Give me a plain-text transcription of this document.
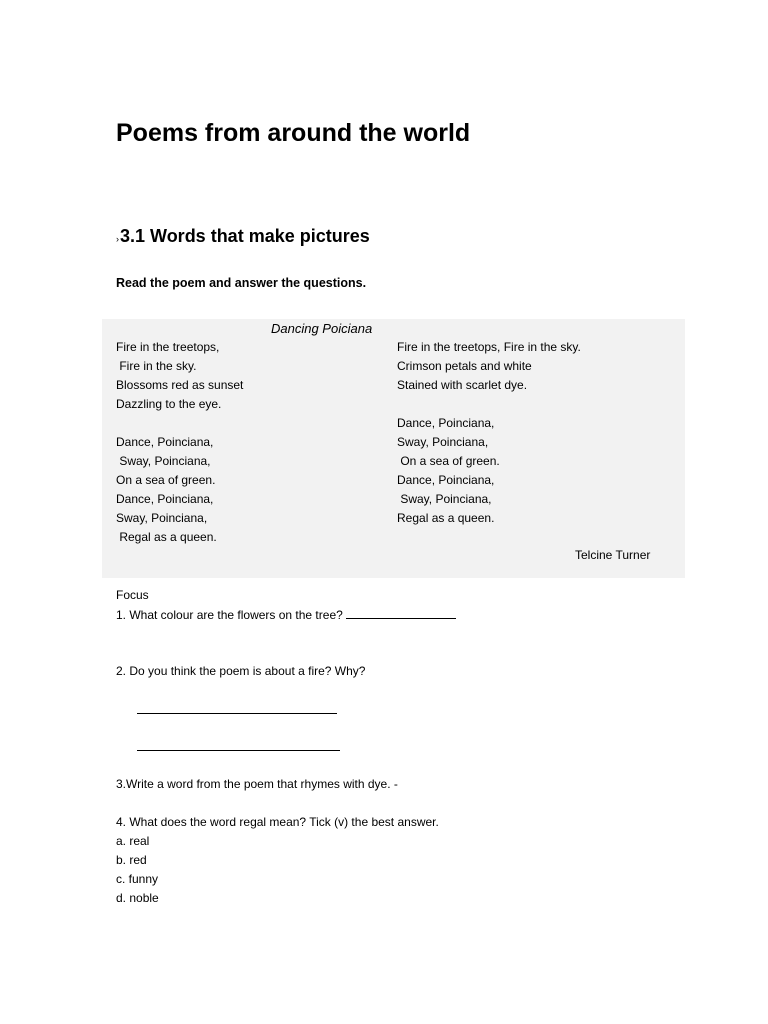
Poems from around the world
›3.1 Words that make pictures
Read the poem and answer the questions.
Dancing Poiciana
Fire in the treetops,
Fire in the sky.
Blossoms red as sunset
Dazzling to the eye.

Dance, Poinciana,
Sway, Poinciana,
On a sea of green.
Dance, Poinciana,
Sway, Poinciana,
Regal as a queen.
Fire in the treetops, Fire in the sky.
Crimson petals and white
Stained with scarlet dye.

Dance, Poinciana,
Sway, Poinciana,
On a sea of green.
Dance, Poinciana,
Sway, Poinciana,
Regal as a queen.
Telcine Turner
Focus
1. What colour are the flowers on the tree?
2. Do you think the poem is about a fire? Why?
3.Write a word from the poem that rhymes with dye. -
4. What does the word regal mean? Tick (v) the best answer.
a. real
b. red
c. funny
d. noble
